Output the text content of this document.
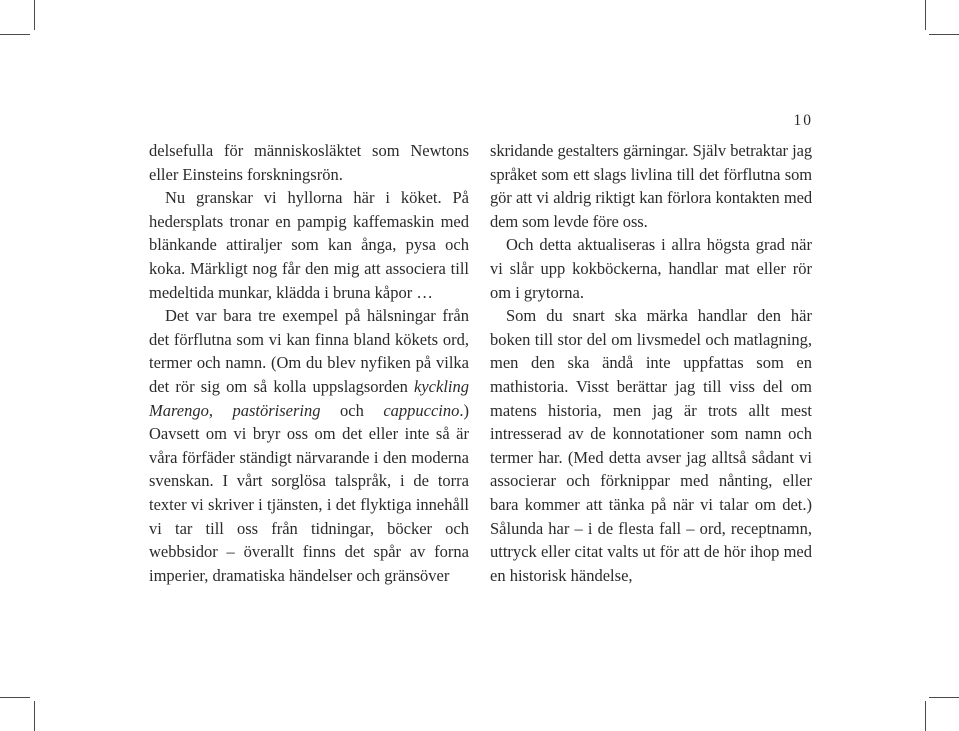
10

delsefulla för människosläktet som Newtons eller Einsteins forskningsrön.

Nu granskar vi hyllorna här i köket. På hedersplats tronar en pampig kaffemaskin med blänkande attiraljer som kan ånga, pysa och koka. Märkligt nog får den mig att associera till medeltida munkar, klädda i bruna kåpor …

Det var bara tre exempel på hälsningar från det förflutna som vi kan finna bland kökets ord, termer och namn. (Om du blev nyfiken på vilka det rör sig om så kolla uppslagsorden kyckling Marengo, pastörisering och cappuccino.) Oavsett om vi bryr oss om det eller inte så är våra förfäder ständigt närvarande i den moderna svenskan. I vårt sorglösa talspråk, i de torra texter vi skriver i tjänsten, i det flyktiga innehåll vi tar till oss från tidningar, böcker och webbsidor – överallt finns det spår av forna imperier, dramatiska händelser och gränsöver

skridande gestalters gärningar. Själv betraktar jag språket som ett slags livlina till det förflutna som gör att vi aldrig riktigt kan förlora kontakten med dem som levde före oss.

Och detta aktualiseras i allra högsta grad när vi slår upp kokböckerna, handlar mat eller rör om i grytorna.

Som du snart ska märka handlar den här boken till stor del om livsmedel och matlagning, men den ska ändå inte uppfattas som en mathistoria. Visst berättar jag till viss del om matens historia, men jag är trots allt mest intresserad av de konnotationer som namn och termer har. (Med detta avser jag alltså sådant vi associerar och förknippar med nånting, eller bara kommer att tänka på när vi talar om det.) Sålunda har – i de flesta fall – ord, receptnamn, uttryck eller citat valts ut för att de hör ihop med en historisk händelse,
